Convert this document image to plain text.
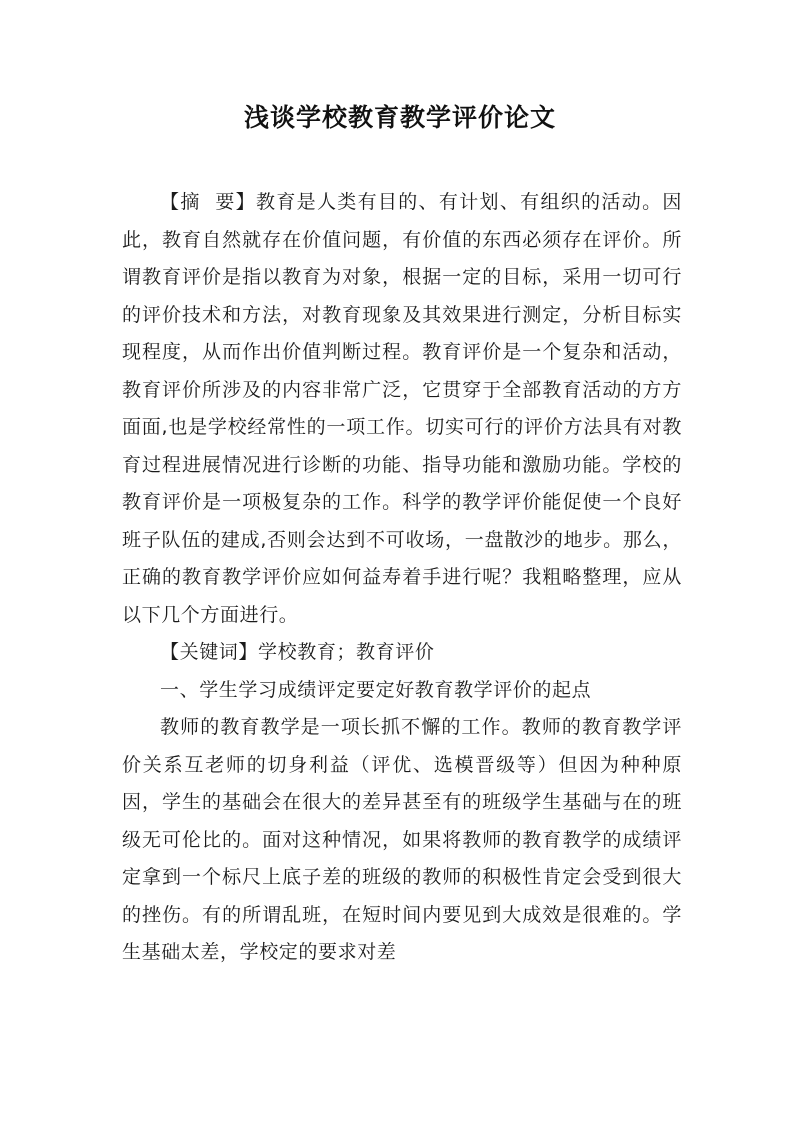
浅谈学校教育教学评价论文

【摘  要】教育是人类有目的、有计划、有组织的活动。因此，教育自然就存在价值问题，有价值的东西必须存在评价。所谓教育评价是指以教育为对象，根据一定的目标，采用一切可行的评价技术和方法，对教育现象及其效果进行测定，分析目标实现程度，从而作出价值判断过程。教育评价是一个复杂和活动，教育评价所涉及的内容非常广泛，它贯穿于全部教育活动的方方面面,也是学校经常性的一项工作。切实可行的评价方法具有对教育过程进展情况进行诊断的功能、指导功能和激励功能。学校的教育评价是一项极复杂的工作。科学的教学评价能促使一个良好班子队伍的建成,否则会达到不可收场，一盘散沙的地步。那么，正确的教育教学评价应如何益寿着手进行呢？我粗略整理，应从以下几个方面进行。

【关键词】学校教育；教育评价

一、学生学习成绩评定要定好教育教学评价的起点

教师的教育教学是一项长抓不懈的工作。教师的教育教学评价关系互老师的切身利益（评优、选模晋级等）但因为种种原因，学生的基础会在很大的差异甚至有的班级学生基础与在的班级无可伦比的。面对这种情况，如果将教师的教育教学的成绩评定拿到一个标尺上底子差的班级的教师的积极性肯定会受到很大的挫伤。有的所谓乱班，在短时间内要见到大成效是很难的。学生基础太差，学校定的要求对差
